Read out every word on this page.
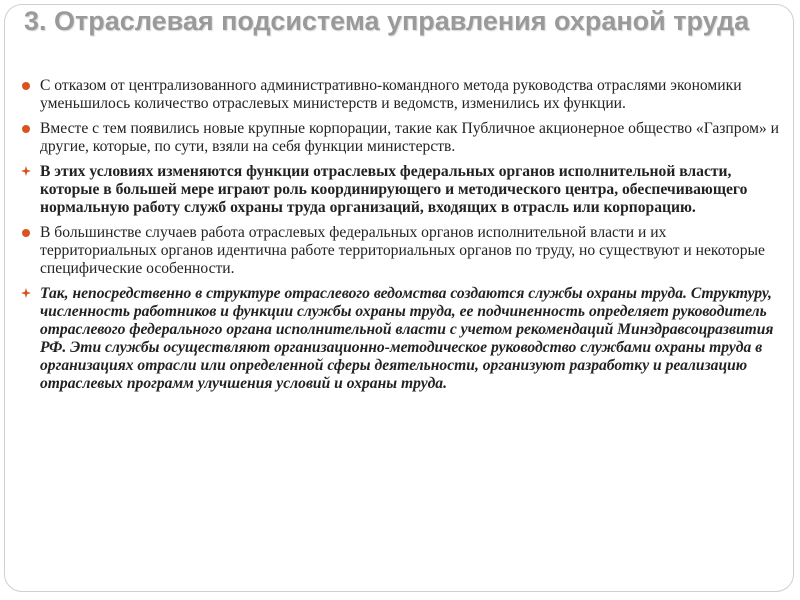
3. Отраслевая подсистема управления охраной труда
С отказом от централизованного административно-командного метода руководства отраслями экономики уменьшилось количество отраслевых министерств и ведомств, изменились их функции.
Вместе с тем появились новые крупные корпорации, такие как Публичное акционерное общество «Газпром» и другие, которые, по сути, взяли на себя функции министерств.
В этих условиях изменяются функции отраслевых федеральных органов исполнительной власти, которые в большей мере играют роль координирующего и методического центра, обеспечивающего нормальную работу служб охраны труда организаций, входящих в отрасль или корпорацию.
В большинстве случаев работа отраслевых федеральных органов исполнительной власти и их территориальных органов идентична работе территориальных органов по труду, но существуют и некоторые специфические особенности.
Так, непосредственно в структуре отраслевого ведомства создаются службы охраны труда. Структуру, численность работников и функции службы охраны труда, ее подчиненность определяет руководитель отраслевого федерального органа исполнительной власти с учетом рекомендаций Минздравсоцразвития РФ. Эти службы осуществляют организационно-методическое руководство службами охраны труда в организациях отрасли или определенной сферы деятельности, организуют разработку и реализацию отраслевых программ улучшения условий и охраны труда.
